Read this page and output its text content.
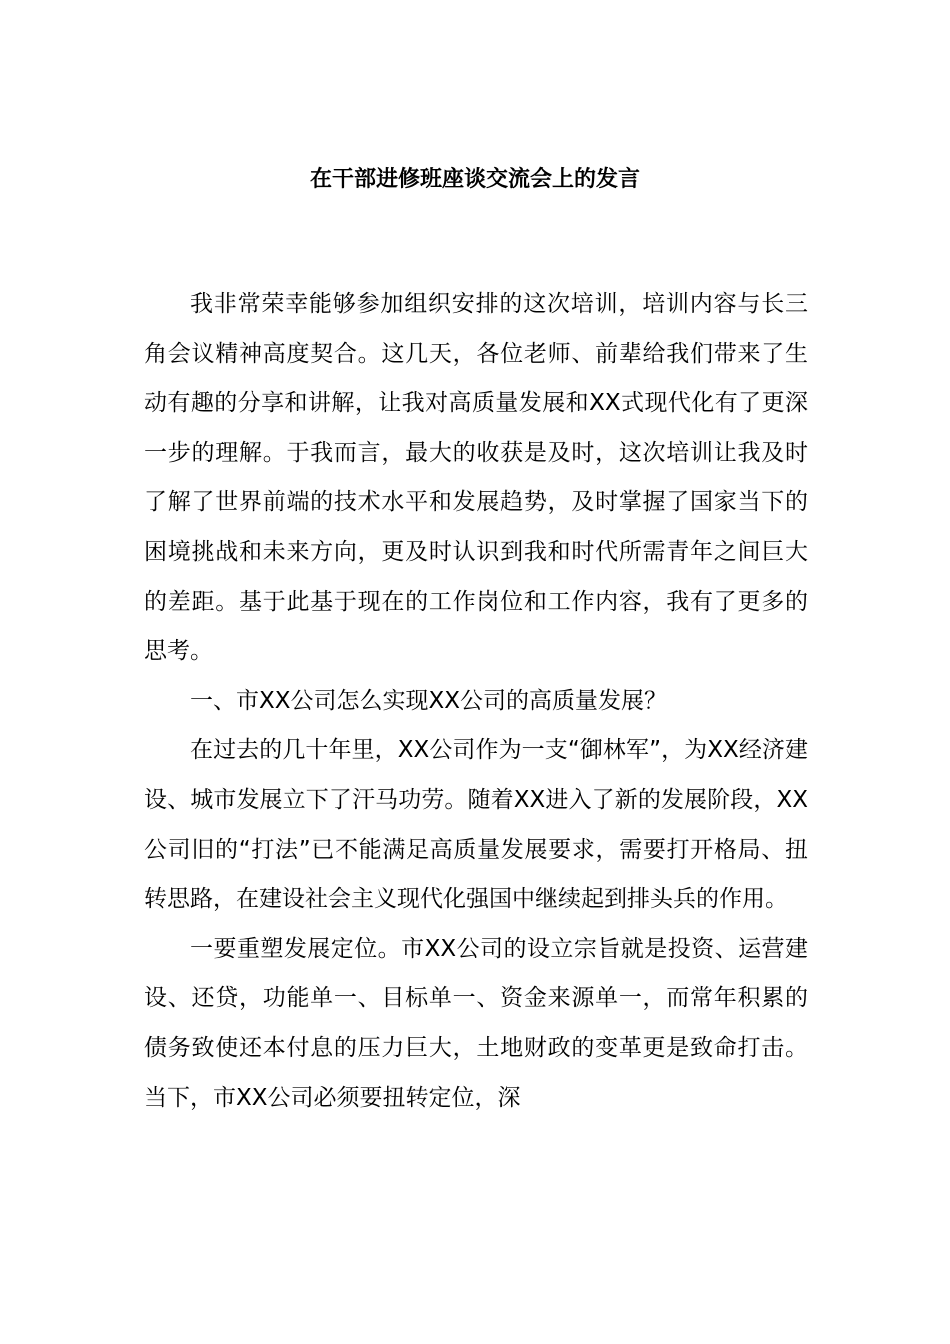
在干部进修班座谈交流会上的发言

我非常荣幸能够参加组织安排的这次培训，培训内容与长三角会议精神高度契合。这几天，各位老师、前辈给我们带来了生动有趣的分享和讲解，让我对高质量发展和XX式现代化有了更深一步的理解。于我而言，最大的收获是及时，这次培训让我及时了解了世界前端的技术水平和发展趋势，及时掌握了国家当下的困境挑战和未来方向，更及时认识到我和时代所需青年之间巨大的差距。基于此基于现在的工作岗位和工作内容，我有了更多的思考。

一、市XX公司怎么实现XX公司的高质量发展？

在过去的几十年里，XX公司作为一支“御林军”，为XX经济建设、城市发展立下了汗马功劳。随着XX进入了新的发展阶段，XX公司旧的“打法”已不能满足高质量发展要求，需要打开格局、扭转思路，在建设社会主义现代化强国中继续起到排头兵的作用。

一要重塑发展定位。市XX公司的设立宗旨就是投资、运营建设、还贷，功能单一、目标单一、资金来源单一，而常年积累的债务致使还本付息的压力巨大，土地财政的变革更是致命打击。当下，市XX公司必须要扭转定位，深
